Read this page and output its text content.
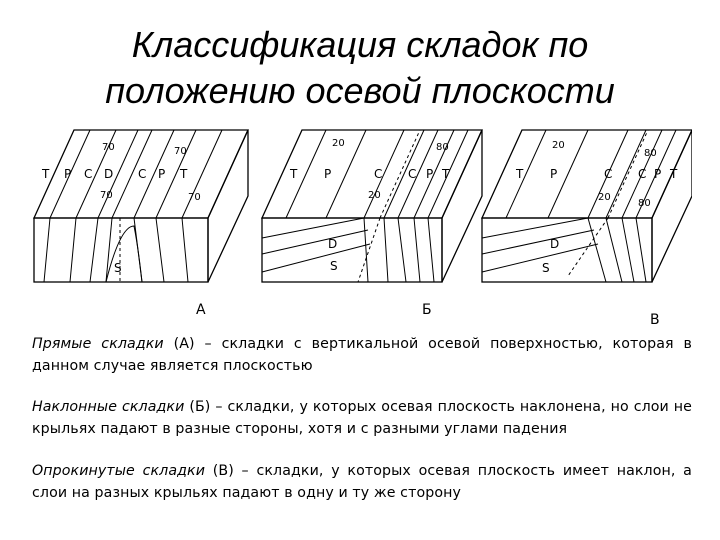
Классификация складок по
положению осевой плоскости
Т Р С D С Р Т
70	70
70	70
S
А
Т Р	С С Р Т
20	80
20
D
S
Б
Т Р	С С Р Т
20
80
20
80
D
S
В
Прямые складки (А) – складки с вертикальной осевой поверхностью, которая в данном случае является плоскостью
Наклонные складки (Б) – складки, у которых осевая плоскость наклонена, но слои не крыльях падают в разные стороны, хотя и с разными углами падения
Опрокинутые складки (В) – складки, у которых осевая плоскость имеет наклон, а слои на разных крыльях падают в одну и ту же сторону
